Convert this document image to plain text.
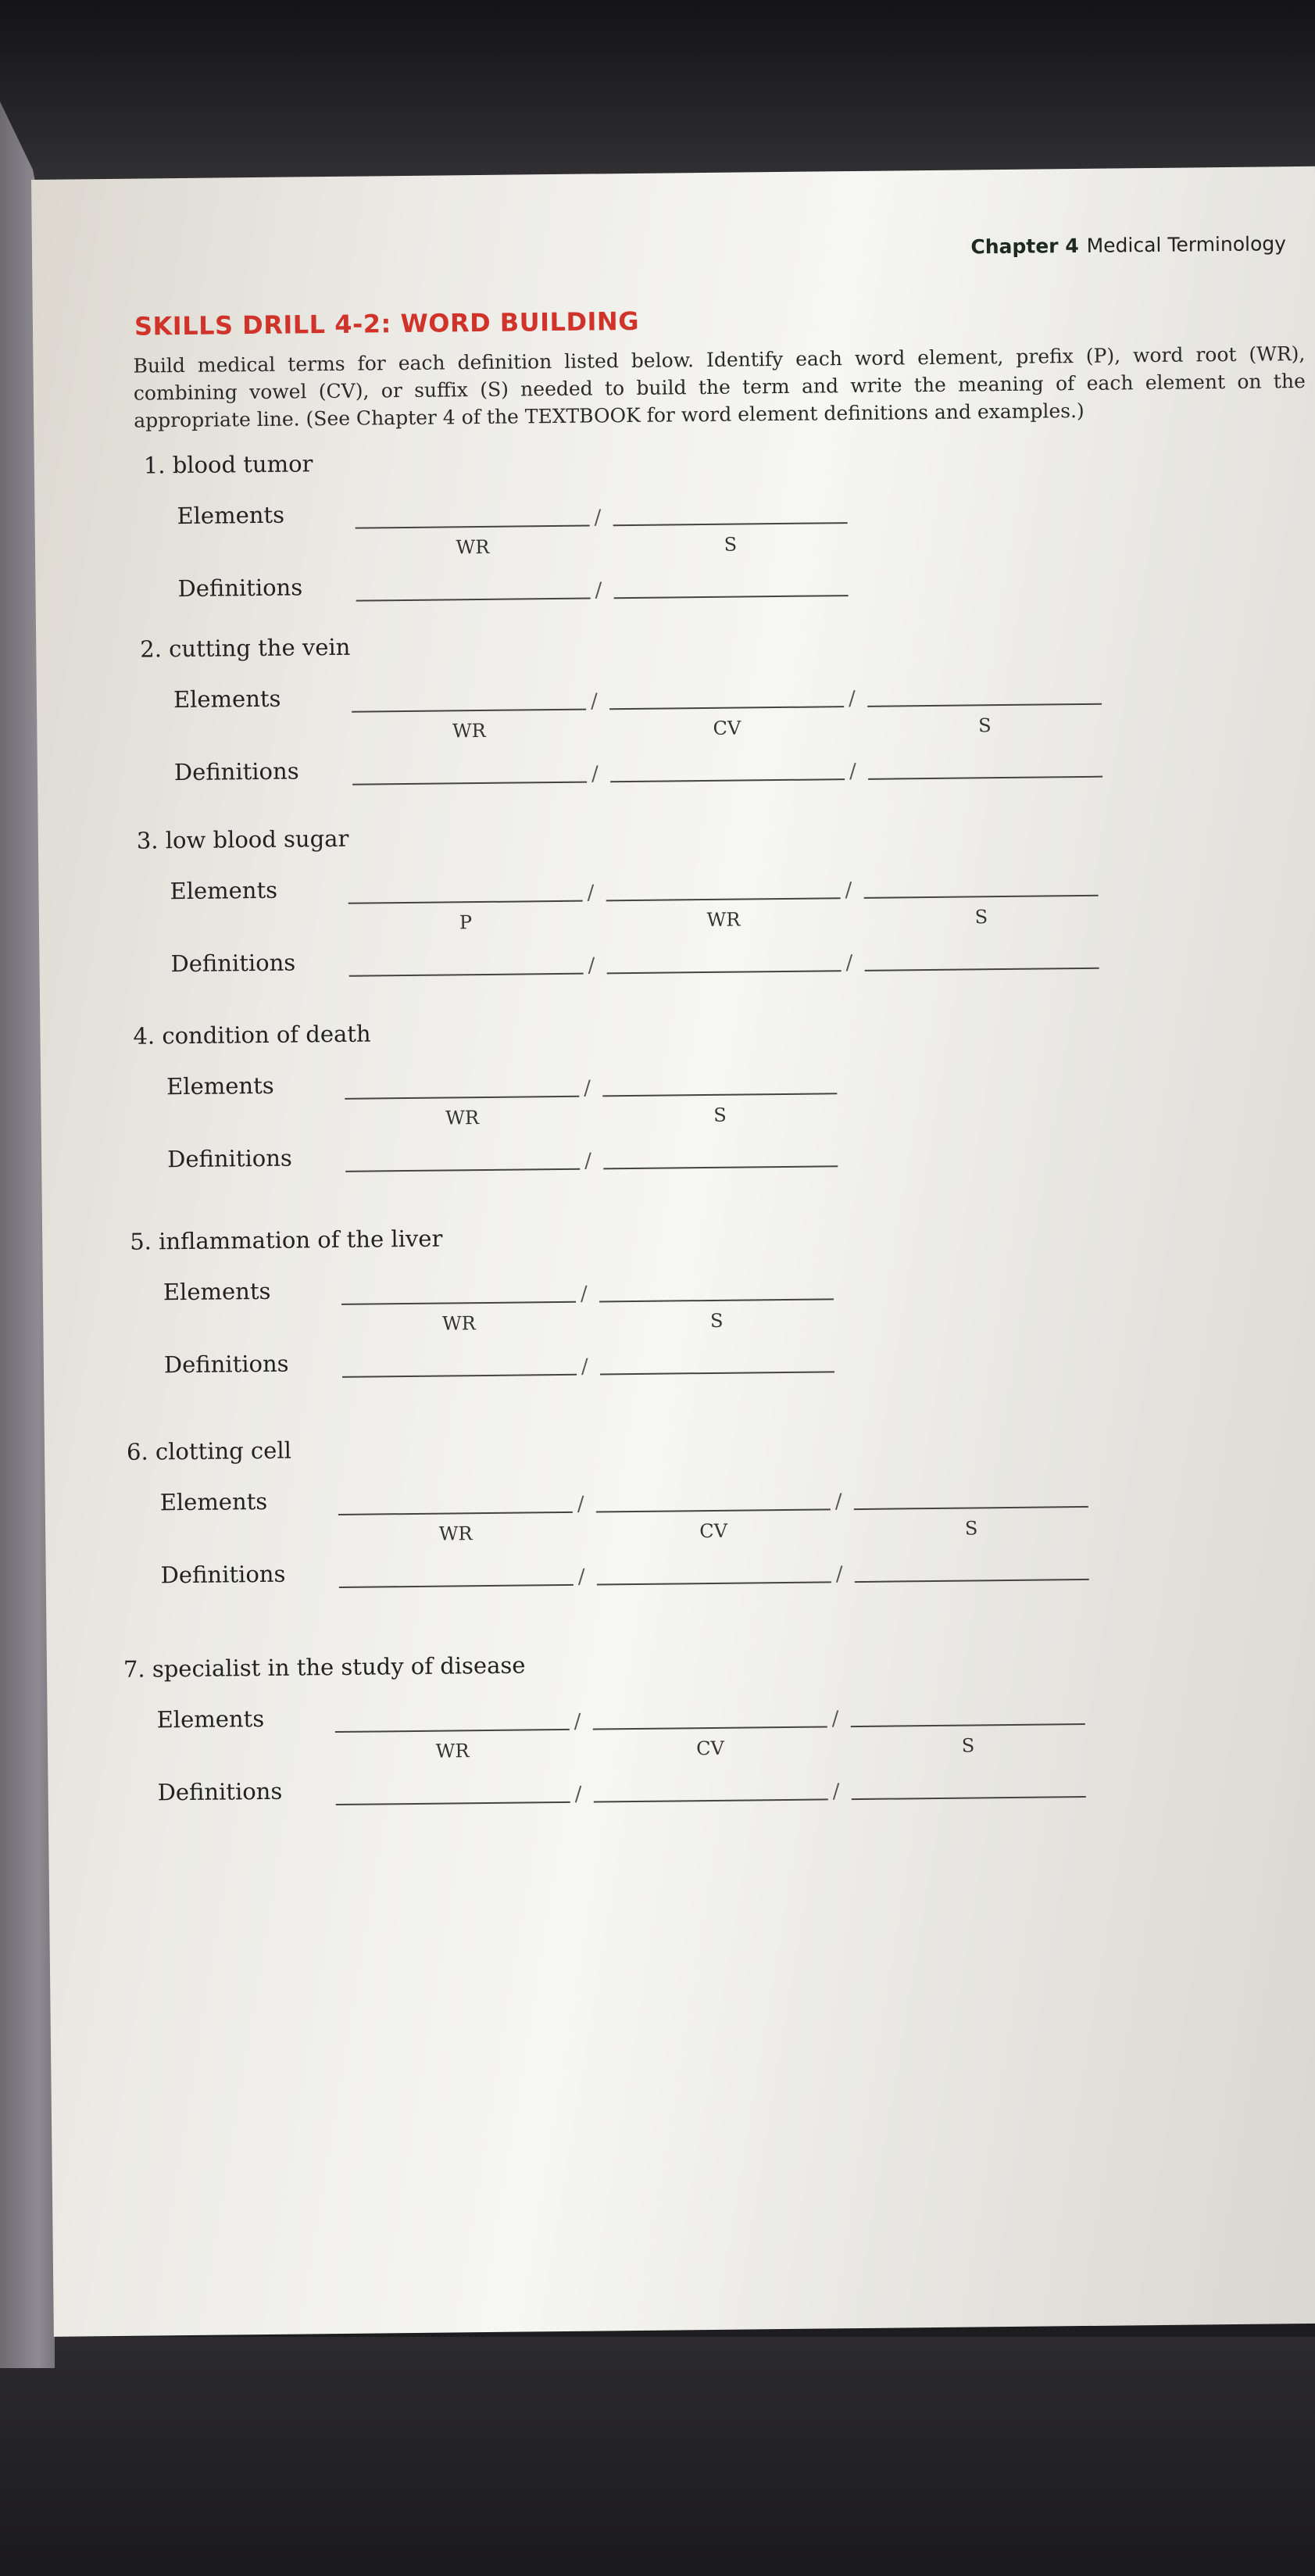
Chapter 4 Medical Terminology
SKILLS DRILL 4-2: WORD BUILDING
Build medical terms for each definition listed below. Identify each word element, prefix (P), word root (WR), combining vowel (CV), or suffix (S) needed to build the term and write the meaning of each element on the appropriate line. (See Chapter 4 of the TEXTBOOK for word element definitions and examples.)
1. blood tumor
Elements	/
WR	S
Definitions	/
2. cutting the vein
Elements	/	/
WR	CV	S
Definitions	/	/
3. low blood sugar
Elements	/	/
P	WR	S
Definitions	/	/
4. condition of death
Elements	/
WR	S
Definitions	/
5. inflammation of the liver
Elements	/
WR	S
Definitions	/
6. clotting cell
Elements	/	/
WR	CV	S
Definitions	/	/
7. specialist in the study of disease
Elements	/	/
WR	CV	S
Definitions	/	/
